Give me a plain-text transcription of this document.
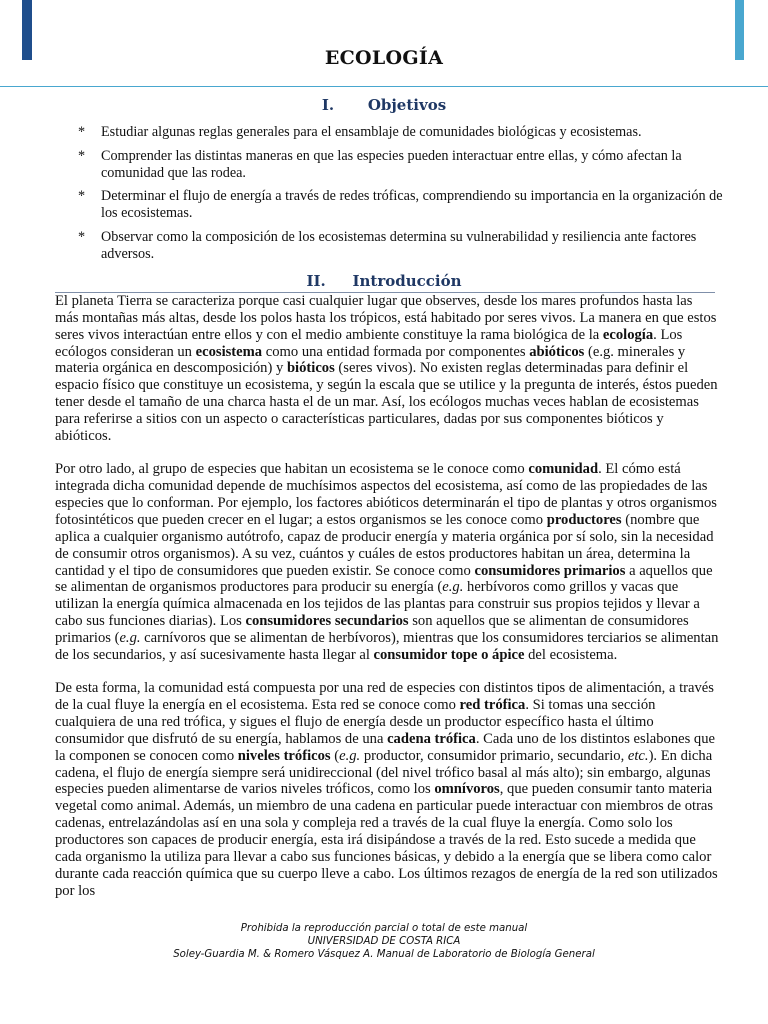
ECOLOGÍA
I. Objetivos
* Estudiar algunas reglas generales para el ensamblaje de comunidades biológicas y ecosistemas.
* Comprender las distintas maneras en que las especies pueden interactuar entre ellas, y cómo afectan la comunidad que las rodea.
* Determinar el flujo de energía a través de redes tróficas, comprendiendo su importancia en la organización de los ecosistemas.
* Observar como la composición de los ecosistemas determina su vulnerabilidad y resiliencia ante factores adversos.
II. Introducción

El planeta Tierra se caracteriza porque casi cualquier lugar que observes, desde los mares profundos hasta las más montañas más altas, desde los polos hasta los trópicos, está habitado por seres vivos. La manera en que estos seres vivos interactúan entre ellos y con el medio ambiente constituye la rama biológica de la ecología. Los ecólogos consideran un ecosistema como una entidad formada por componentes abióticos (e.g. minerales y materia orgánica en descomposición) y bióticos (seres vivos). No existen reglas determinadas para definir el espacio físico que constituye un ecosistema, y según la escala que se utilice y la pregunta de interés, éstos pueden tener desde el tamaño de una charca hasta el de un mar. Así, los ecólogos muchas veces hablan de ecosistemas para referirse a sitios con un aspecto o características particulares, dadas por sus componentes bióticos y abióticos.

Por otro lado, al grupo de especies que habitan un ecosistema se le conoce como comunidad. El cómo está integrada dicha comunidad depende de muchísimos aspectos del ecosistema, así como de las propiedades de las especies que lo conforman. Por ejemplo, los factores abióticos determinarán el tipo de plantas y otros organismos fotosintéticos que pueden crecer en el lugar; a estos organismos se les conoce como productores (nombre que aplica a cualquier organismo autótrofo, capaz de producir energía y materia orgánica por sí solo, sin la necesidad de consumir otros organismos). A su vez, cuántos y cuáles de estos productores habitan un área, determina la cantidad y el tipo de consumidores que pueden existir. Se conoce como consumidores primarios a aquellos que se alimentan de organismos productores para producir su energía (e.g. herbívoros como grillos y vacas que utilizan la energía química almacenada en los tejidos de las plantas para construir sus propios tejidos y llevar a cabo sus funciones diarias). Los consumidores secundarios son aquellos que se alimentan de consumidores primarios (e.g. carnívoros que se alimentan de herbívoros), mientras que los consumidores terciarios se alimentan de los secundarios, y así sucesivamente hasta llegar al consumidor tope o ápice del ecosistema.

De esta forma, la comunidad está compuesta por una red de especies con distintos tipos de alimentación, a través de la cual fluye la energía en el ecosistema. Esta red se conoce como red trófica. Si tomas una sección cualquiera de una red trófica, y sigues el flujo de energía desde un productor específico hasta el último consumidor que disfrutó de su energía, hablamos de una cadena trófica. Cada uno de los distintos eslabones que la componen se conocen como niveles tróficos (e.g. productor, consumidor primario, secundario, etc.). En dicha cadena, el flujo de energía siempre será unidireccional (del nivel trófico basal al más alto); sin embargo, algunas especies pueden alimentarse de varios niveles tróficos, como los omnívoros, que pueden consumir tanto materia vegetal como animal. Además, un miembro de una cadena en particular puede interactuar con miembros de otras cadenas, entrelazándolas así en una sola y compleja red a través de la cual fluye la energía. Como solo los productores son capaces de producir energía, esta irá disipándose a través de la red. Esto sucede a medida que cada organismo la utiliza para llevar a cabo sus funciones básicas, y debido a la energía que se libera como calor durante cada reacción química que su cuerpo lleve a cabo. Los últimos rezagos de energía de la red son utilizados por los

Prohibida la reproducción parcial o total de este manual
UNIVERSIDAD DE COSTA RICA
Soley-Guardia M. & Romero Vásquez A. Manual de Laboratorio de Biología General
